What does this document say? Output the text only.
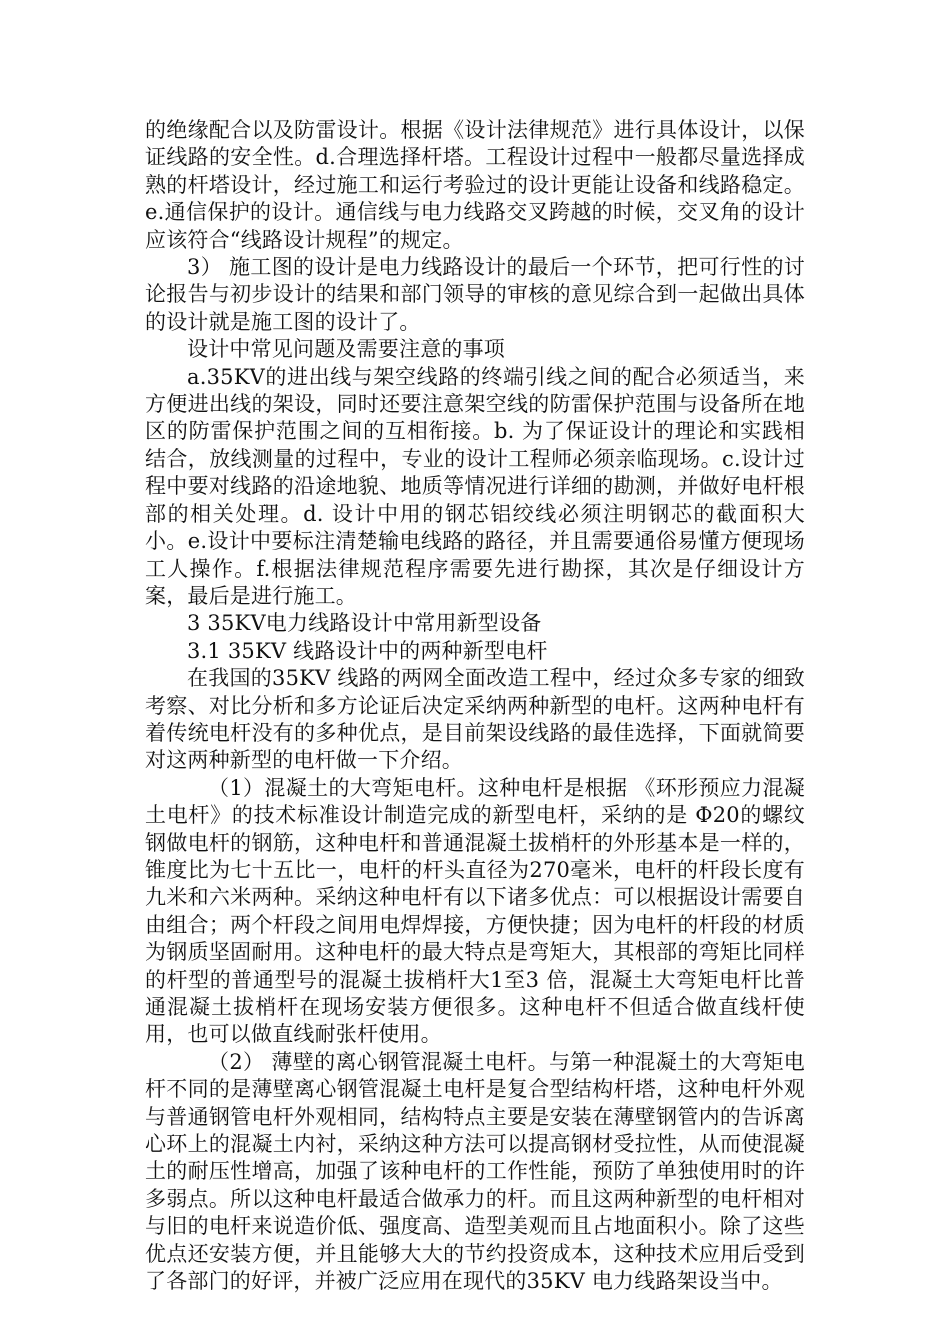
的绝缘配合以及防雷设计。根据《设计法律规范》进行具体设计，以保证线路的安全性。d.合理选择杆塔。工程设计过程中一般都尽量选择成熟的杆塔设计，经过施工和运行考验过的设计更能让设备和线路稳定。e.通信保护的设计。通信线与电力线路交叉跨越的时候，交叉角的设计应该符合“线路设计规程”的规定。

3） 施工图的设计是电力线路设计的最后一个环节，把可行性的讨论报告与初步设计的结果和部门领导的审核的意见综合到一起做出具体的设计就是施工图的设计了。

设计中常见问题及需要注意的事项

a.35KV的进出线与架空线路的终端引线之间的配合必须适当，来方便进出线的架设，同时还要注意架空线的防雷保护范围与设备所在地区的防雷保护范围之间的互相衔接。b. 为了保证设计的理论和实践相结合，放线测量的过程中，专业的设计工程师必须亲临现场。c.设计过程中要对线路的沿途地貌、地质等情况进行详细的勘测，并做好电杆根部的相关处理。d. 设计中用的钢芯铝绞线必须注明钢芯的截面积大小。e.设计中要标注清楚输电线路的路径，并且需要通俗易懂方便现场工人操作。f.根据法律规范程序需要先进行勘探，其次是仔细设计方案，最后是进行施工。

3 35KV电力线路设计中常用新型设备

3.1 35KV 线路设计中的两种新型电杆

在我国的35KV 线路的两网全面改造工程中，经过众多专家的细致考察、对比分析和多方论证后决定采纳两种新型的电杆。这两种电杆有着传统电杆没有的多种优点，是目前架设线路的最佳选择，下面就简要对这两种新型的电杆做一下介绍。

（1）混凝土的大弯矩电杆。这种电杆是根据 《环形预应力混凝土电杆》的技术标准设计制造完成的新型电杆，采纳的是 Φ20的螺纹钢做电杆的钢筋，这种电杆和普通混凝土拔梢杆的外形基本是一样的，锥度比为七十五比一，电杆的杆头直径为270毫米，电杆的杆段长度有九米和六米两种。采纳这种电杆有以下诸多优点：可以根据设计需要自由组合；两个杆段之间用电焊焊接，方便快捷；因为电杆的杆段的材质为钢质坚固耐用。这种电杆的最大特点是弯矩大，其根部的弯矩比同样的杆型的普通型号的混凝土拔梢杆大1至3 倍，混凝土大弯矩电杆比普通混凝土拔梢杆在现场安装方便很多。这种电杆不但适合做直线杆使用，也可以做直线耐张杆使用。

（2） 薄壁的离心钢管混凝土电杆。与第一种混凝土的大弯矩电杆不同的是薄壁离心钢管混凝土电杆是复合型结构杆塔，这种电杆外观与普通钢管电杆外观相同，结构特点主要是安装在薄壁钢管内的告诉离心环上的混凝土内衬，采纳这种方法可以提高钢材受拉性，从而使混凝土的耐压性增高，加强了该种电杆的工作性能，预防了单独使用时的许多弱点。所以这种电杆最适合做承力的杆。而且这两种新型的电杆相对与旧的电杆来说造价低、强度高、造型美观而且占地面积小。除了这些优点还安装方便，并且能够大大的节约投资成本，这种技术应用后受到了各部门的好评，并被广泛应用在现代的35KV 电力线路架设当中。
